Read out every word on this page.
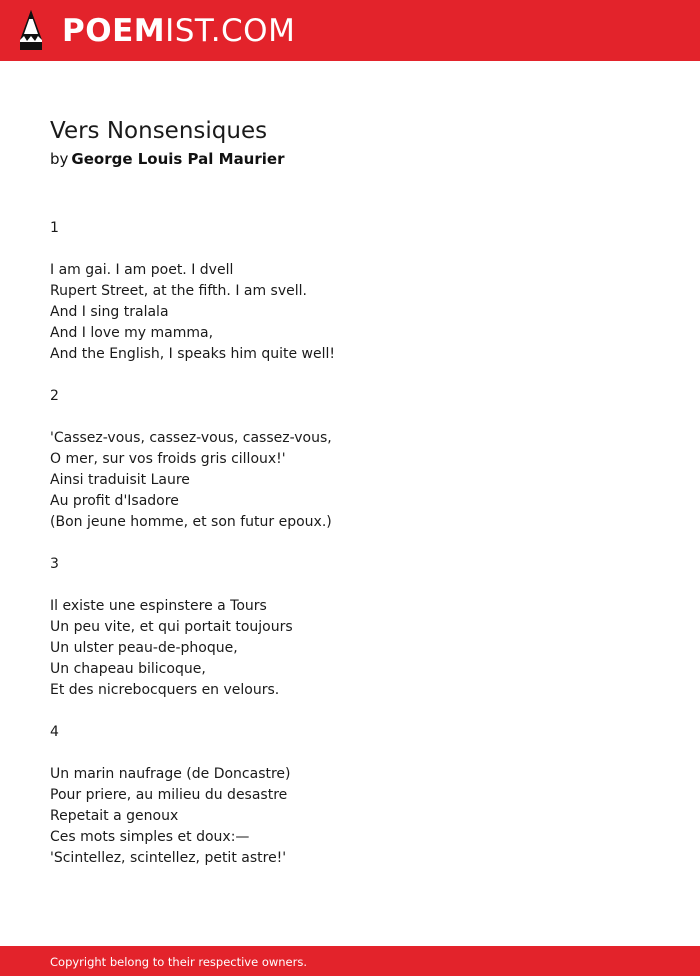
POEMIST.COM
Vers Nonsensiques
by George Louis Pal Maurier
1
I am gai. I am poet. I dvell
Rupert Street, at the fifth. I am svell.
And I sing tralala
And I love my mamma,
And the English, I speaks him quite well!
2
'Cassez-vous, cassez-vous, cassez-vous,
O mer, sur vos froids gris cilloux!'
Ainsi traduisit Laure
Au profit d'Isadore
(Bon jeune homme, et son futur epoux.)
3
Il existe une espinstere a Tours
Un peu vite, et qui portait toujours
Un ulster peau-de-phoque,
Un chapeau bilicoque,
Et des nicrebocquers en velours.
4
Un marin naufrage (de Doncastre)
Pour priere, au milieu du desastre
Repetait a genoux
Ces mots simples et doux:—
'Scintellez, scintellez, petit astre!'
Copyright belong to their respective owners.
